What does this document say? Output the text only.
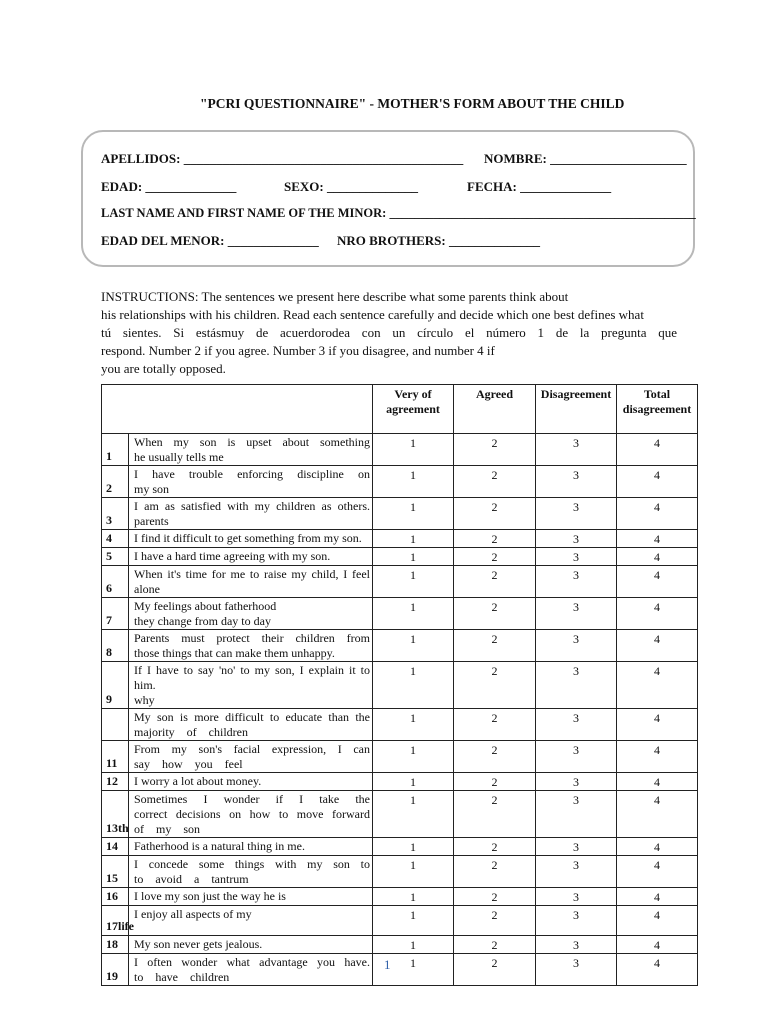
"PCRI QUESTIONNAIRE" - MOTHER'S FORM ABOUT THE CHILD
APELLIDOS: ___________________________________________ NOMBRE: _____________________
EDAD: ______________	SEXO: ______________	FECHA: ______________
LAST NAME AND FIRST NAME OF THE MINOR: _________________________________________________
EDAD DEL MENOR: ______________ NRO BROTHERS: ______________
INSTRUCTIONS: The sentences we present here describe what some parents think about
his relationships with his children. Read each sentence carefully and decide which one best defines what
tú sientes. Si estásmuy de acuerdorodea con un círculo el número 1 de la pregunta que
respond. Number 2 if you agree. Number 3 if you disagree, and number 4 if
you are totally opposed.
		Very of agreement	Agreed	Disagreement	Total disagreement

1	When my son is upset about something
he usually tells me	1	2	3	4

2	I have trouble enforcing discipline on
my son	1	2	3	4

3	I am as satisfied with my children as others.
parents	1	2	3	4

4	I find it difficult to get something from my son.	1	2	3	4

5	I have a hard time agreeing with my son.	1	2	3	4

6	When it's time for me to raise my child, I feel
alone	1	2	3	4

7	My feelings about fatherhood
they change from day to day	1	2	3	4

8	Parents must protect their children from
those things that can make them unhappy.	1	2	3	4

9	If I have to say 'no' to my son, I explain it to him.
why	1	2	3	4

	My son is more difficult to educate than the
majority    of    children	1	2	3	4

11	From my son's facial expression, I can
say    how    you    feel	1	2	3	4

12	I worry a lot about money.	1	2	3	4

13th	Sometimes I wonder if I take the
correct decisions on how to move forward
of    my    son	1	2	3	4

14	Fatherhood is a natural thing in me.	1	2	3	4

15	I concede some things with my son to
to    avoid    a    tantrum	1	2	3	4

16	I love my son just the way he is	1	2	3	4

17life	I enjoy all aspects of my	1	2	3	4

18	My son never gets jealous.	1	2	3	4

19	I often wonder what advantage you have.
to    have    children	1	2	3	4
1
